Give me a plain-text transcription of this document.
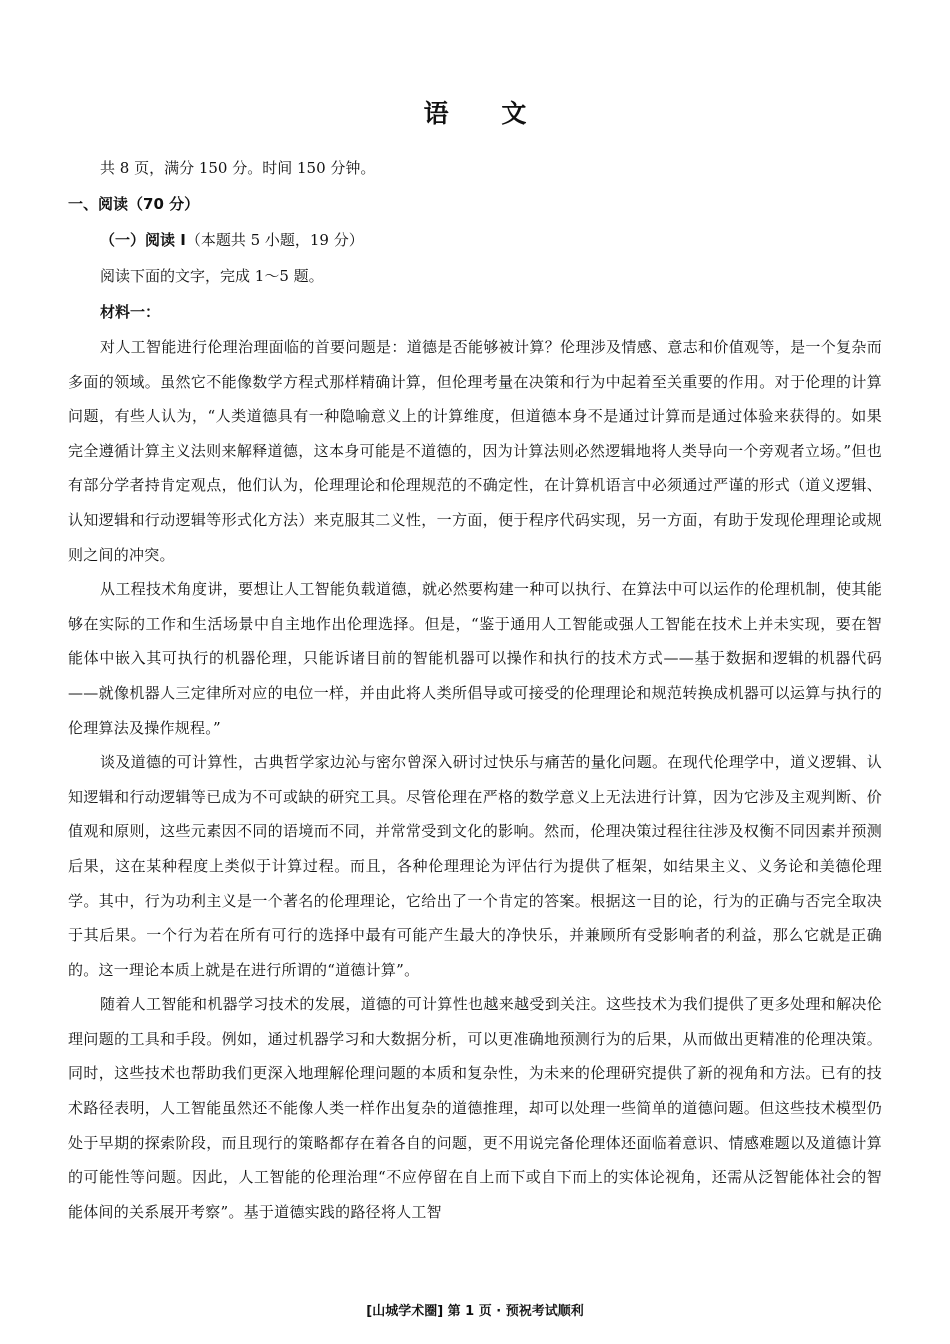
语 文

共 8 页，满分 150 分。时间 150 分钟。

一、阅读（70 分）

（一）阅读 I（本题共 5 小题，19 分）

阅读下面的文字，完成 1～5 题。

材料一：

对人工智能进行伦理治理面临的首要问题是：道德是否能够被计算？伦理涉及情感、意志和价值观等，是一个复杂而多面的领域。虽然它不能像数学方程式那样精确计算，但伦理考量在决策和行为中起着至关重要的作用。对于伦理的计算问题，有些人认为，“人类道德具有一种隐喻意义上的计算维度，但道德本身不是通过计算而是通过体验来获得的。如果完全遵循计算主义法则来解释道德，这本身可能是不道德的，因为计算法则必然逻辑地将人类导向一个旁观者立场。”但也有部分学者持肯定观点，他们认为，伦理理论和伦理规范的不确定性，在计算机语言中必须通过严谨的形式（道义逻辑、认知逻辑和行动逻辑等形式化方法）来克服其二义性，一方面，便于程序代码实现，另一方面，有助于发现伦理理论或规则之间的冲突。

从工程技术角度讲，要想让人工智能负载道德，就必然要构建一种可以执行、在算法中可以运作的伦理机制，使其能够在实际的工作和生活场景中自主地作出伦理选择。但是，“鉴于通用人工智能或强人工智能在技术上并未实现，要在智能体中嵌入其可执行的机器伦理，只能诉诸目前的智能机器可以操作和执行的技术方式——基于数据和逻辑的机器代码——就像机器人三定律所对应的电位一样，并由此将人类所倡导或可接受的伦理理论和规范转换成机器可以运算与执行的伦理算法及操作规程。”

谈及道德的可计算性，古典哲学家边沁与密尔曾深入研讨过快乐与痛苦的量化问题。在现代伦理学中，道义逻辑、认知逻辑和行动逻辑等已成为不可或缺的研究工具。尽管伦理在严格的数学意义上无法进行计算，因为它涉及主观判断、价值观和原则，这些元素因不同的语境而不同，并常常受到文化的影响。然而，伦理决策过程往往涉及权衡不同因素并预测后果，这在某种程度上类似于计算过程。而且，各种伦理理论为评估行为提供了框架，如结果主义、义务论和美德伦理学。其中，行为功利主义是一个著名的伦理理论，它给出了一个肯定的答案。根据这一目的论，行为的正确与否完全取决于其后果。一个行为若在所有可行的选择中最有可能产生最大的净快乐，并兼顾所有受影响者的利益，那么它就是正确的。这一理论本质上就是在进行所谓的“道德计算”。

随着人工智能和机器学习技术的发展，道德的可计算性也越来越受到关注。这些技术为我们提供了更多处理和解决伦理问题的工具和手段。例如，通过机器学习和大数据分析，可以更准确地预测行为的后果，从而做出更精准的伦理决策。同时，这些技术也帮助我们更深入地理解伦理问题的本质和复杂性，为未来的伦理研究提供了新的视角和方法。已有的技术路径表明，人工智能虽然还不能像人类一样作出复杂的道德推理，却可以处理一些简单的道德问题。但这些技术模型仍处于早期的探索阶段，而且现行的策略都存在着各自的问题，更不用说完备伦理体还面临着意识、情感难题以及道德计算的可能性等问题。因此，人工智能的伦理治理“不应停留在自上而下或自下而上的实体论视角，还需从泛智能体社会的智能体间的关系展开考察”。基于道德实践的路径将人工智

[山城学术圈] 第 1 页 · 预祝考试顺利
